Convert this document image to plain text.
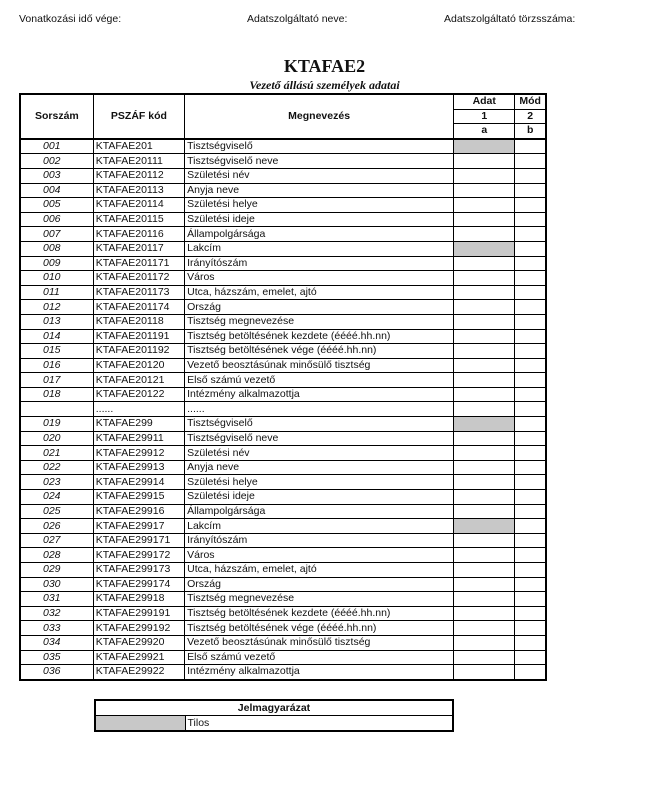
Vonatkozási idő vége:	Adatszolgáltató neve:	Adatszolgáltató törzsszáma:
KTAFAE2
Vezető állású személyek adatai
Sorszám	PSZÁF kód	Megnevezés	Adat	Mód
			1	2
			a	b
001	KTAFAE201	Tisztségviselő		
002	KTAFAE20111	Tisztségviselő neve		
003	KTAFAE20112	Születési név		
004	KTAFAE20113	Anyja neve		
005	KTAFAE20114	Születési helye		
006	KTAFAE20115	Születési ideje		
007	KTAFAE20116	Állampolgársága		
008	KTAFAE20117	Lakcím		
009	KTAFAE201171	Irányítószám		
010	KTAFAE201172	Város		
011	KTAFAE201173	Utca, házszám, emelet, ajtó		
012	KTAFAE201174	Ország		
013	KTAFAE20118	Tisztség megnevezése		
014	KTAFAE201191	Tisztség betöltésének kezdete (éééé.hh.nn)		
015	KTAFAE201192	Tisztség betöltésének vége (éééé.hh.nn)		
016	KTAFAE20120	Vezető beosztásúnak minősülő tisztség		
017	KTAFAE20121	Első számú vezető		
018	KTAFAE20122	Intézmény alkalmazottja		
	......	......		
019	KTAFAE299	Tisztségviselő		
020	KTAFAE29911	Tisztségviselő neve		
021	KTAFAE29912	Születési név		
022	KTAFAE29913	Anyja neve		
023	KTAFAE29914	Születési helye		
024	KTAFAE29915	Születési ideje		
025	KTAFAE29916	Állampolgársága		
026	KTAFAE29917	Lakcím		
027	KTAFAE299171	Irányítószám		
028	KTAFAE299172	Város		
029	KTAFAE299173	Utca, házszám, emelet, ajtó		
030	KTAFAE299174	Ország		
031	KTAFAE29918	Tisztség megnevezése		
032	KTAFAE299191	Tisztség betöltésének kezdete (éééé.hh.nn)		
033	KTAFAE299192	Tisztség betöltésének vége (éééé.hh.nn)		
034	KTAFAE29920	Vezető beosztásúnak minősülő tisztség		
035	KTAFAE29921	Első számú vezető		
036	KTAFAE29922	Intézmény alkalmazottja		
Jelmagyarázat
	Tilos
